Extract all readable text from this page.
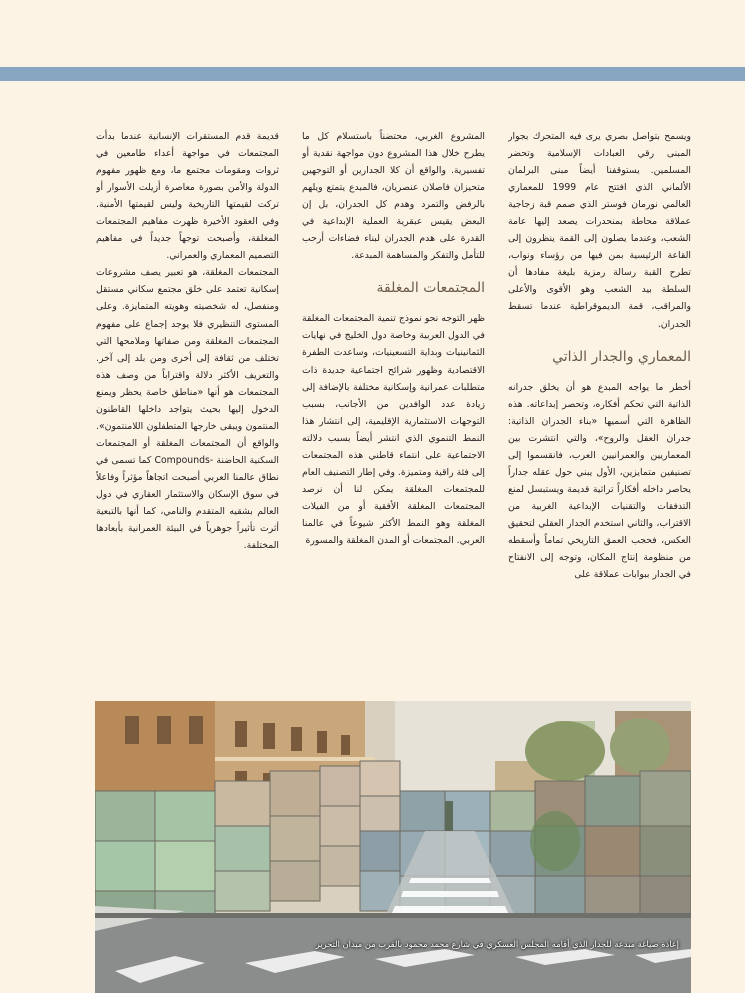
ويسمح بتواصل بصري يرى فيه المتحرك بجوار المبنى رقي العبادات الإسلامية وتحضر المسلمين. يستوقفنا أيضاً مبنى البرلمان الألماني الذي افتتح عام 1999 للمعماري العالمي نورمان فوستر الذي صمم قبة زجاجية عملاقة محاطة بمنحدرات يصعد إليها عامة الشعب، وعندما يصلون إلى القمة ينظرون إلى القاعة الرئيسية بمن فيها من رؤساء ونواب، تطرح القبة رسالة رمزية بليغة مفادها أن السلطة بيد الشعب وهو الأقوى والأعلى والمراقب، قمة الديموقراطية عندما تسقط الجدران.

المعماري والجدار الذاتي

أخطر ما يواجه المبدع هو أن يخلق جدرانه الذاتية التي تحكم أفكاره، وتحصر إبداعاته. هذه الظاهرة التي أسميها «بناء الجدران الذاتية: جدران العقل والروح»، والتي انتشرت بين المعماريين والعمرانيين العرب، فانقسموا إلى تصنيفين متمايزين، الأول يبني حول عقله جداراً يحاصر داخله أفكاراً تراثية قديمة ويستبسل لمنع التدفقات والتقنيات الإبداعية الغربية من الاقتراب، والثاني استخدم الجدار العقلي لتحقيق العكس، فحجب العمق التاريخي تماماً وأسقطه من منظومة إنتاج المكان، وتوجه إلى الانفتاح في الجدار ببوابات عملاقة على

المشروع الغربي، محتضناً باستسلام كل ما يطرح خلال هذا المشروع دون مواجهة نقدية أو تفسيرية. والواقع أن كلا الجدارين أو التوجهين متحيزان فاصلان عنصريان، فالمبدع يتمتع ويلهم بالرفض والتمرد وهدم كل الجدران، بل إن البعض يقيس عبقرية العملية الإبداعية في القدرة على هدم الجدران لبناء فضاءات أرحب للتأمل والتفكر والمساهمة المبدعة.

المجتمعات المغلقة

ظهر التوجه نحو نموذج تنمية المجتمعات المغلقة في الدول العربية وخاصة دول الخليج في نهايات الثمانينيات وبداية التسعينيات، وساعدت الطفرة الاقتصادية وظهور شرائح اجتماعية جديدة ذات متطلبات عمرانية وإسكانية مختلفة بالإضافة إلى زيادة عدد الوافدين من الأجانب، بسبب التوجهات الاستثمارية الإقليمية، إلى انتشار هذا النمط التنموي الذي انتشر أيضاً بسبب دلالته الاجتماعية على انتماء قاطني هذه المجتمعات إلى فئة راقية ومتميزة. وفي إطار التصنيف العام للمجتمعات المغلقة يمكن لنا أن نرصد المجتمعات المغلقة الأفقية أو من الفيلات المغلقة وهو النمط الأكثر شيوعاً في عالمنا العربي. المجتمعات أو المدن المغلقة والمسورة

قديمة قدم المستقرات الإنسانية عندما بدأت المجتمعات في مواجهة أعداء طامعين في ثروات ومقومات مجتمع ما، ومع ظهور مفهوم الدولة والأمن بصورة معاصرة أزيلت الأسوار أو تركت لقيمتها التاريخية وليس لقيمتها الأمنية. وفي العقود الأخيرة ظهرت مفاهيم المجتمعات المغلقة، وأصبحت توجهاً جديداً في مفاهيم التصميم المعماري والعمراني.

المجتمعات المغلقة، هو تعبير يصف مشروعات إسكانية تعتمد على خلق مجتمع سكاني مستقل ومنفصل، له شخصيته وهويته المتمايزة. وعلى المستوى التنظيري فلا يوجد إجماع على مفهوم المجتمعات المغلقة ومن صفاتها وملامحها التي تختلف من ثقافة إلى أخرى ومن بلد إلى آخر. والتعريف الأكثر دلالة واقتراباً من وصف هذه المجتمعات هو أنها «مناطق خاصة يحظر ويمنع الدخول إليها بحيث يتواجد داخلها القاطنون المنتمون ويبقى خارجها المتطفلون اللامنتمون». والواقع أن المجتمعات المغلقة أو المجتمعات السكنية الحاضنة -Compounds كما تسمى في نطاق عالمنا العربي أصبحت اتجاهاً مؤثراً وفاعلاً في سوق الإسكان والاستثمار العقاري في دول العالم بشقيه المتقدم والنامي، كما أنها بالتبعية أثرت تأثيراً جوهرياً في البيئة العمرانية بأبعادها المختلفة.

إعادة صياغة مبدعة للجدار الذي أقامه المجلس العسكري في شارع محمد محمود بالقرب من ميدان التحرير
